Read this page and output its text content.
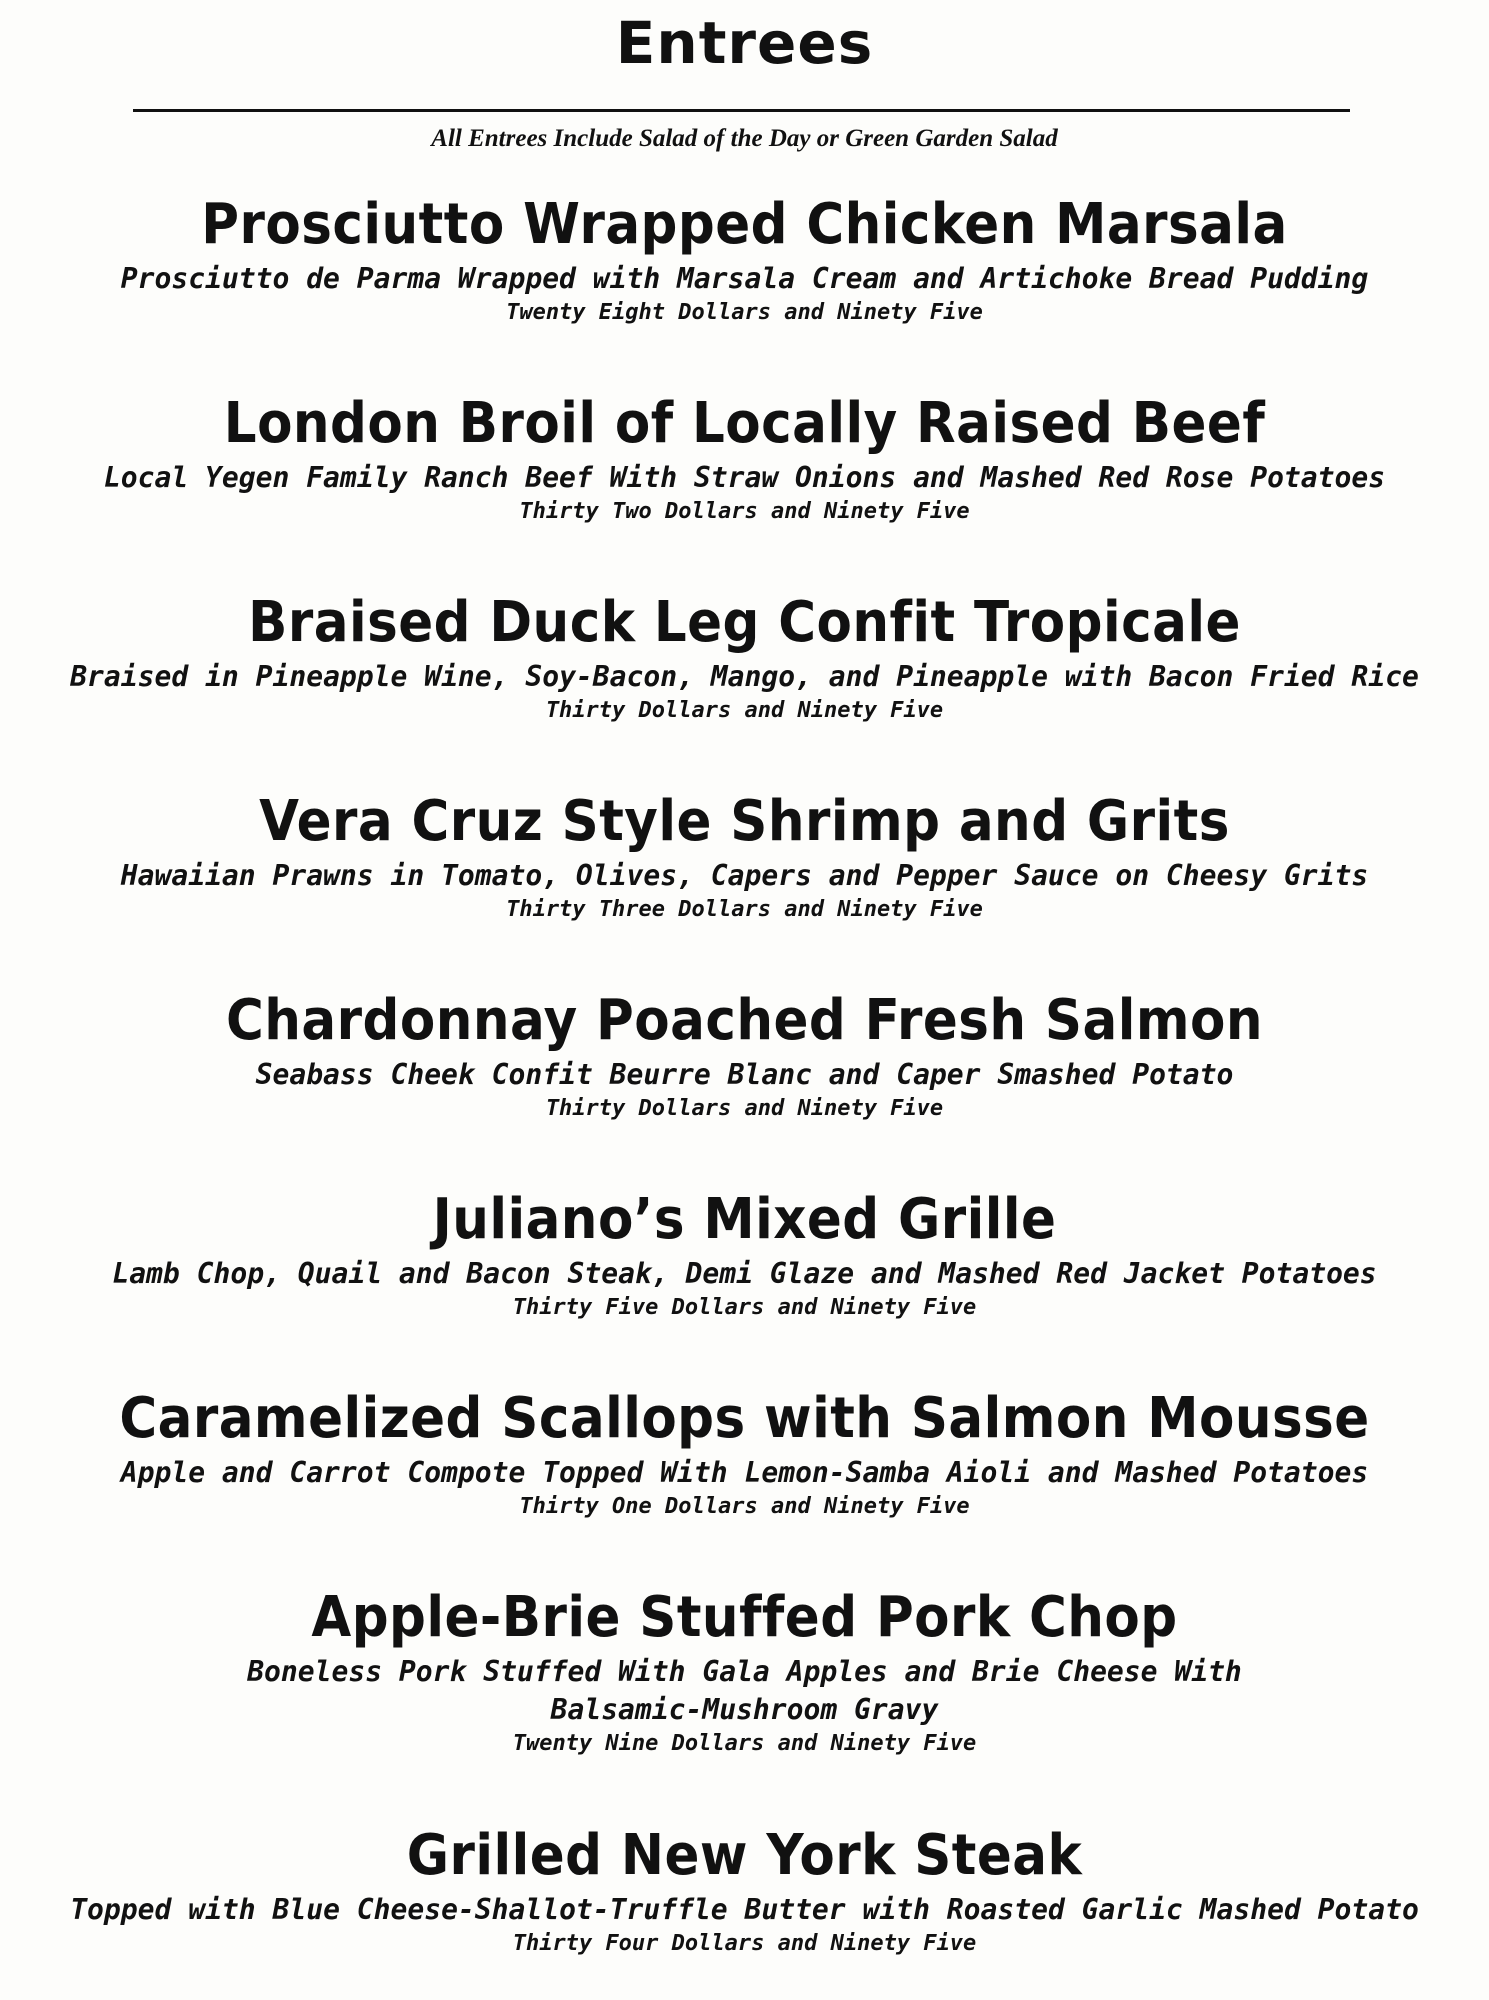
Entrees
All Entrees Include Salad of the Day or Green Garden Salad
Prosciutto Wrapped Chicken Marsala
Prosciutto de Parma Wrapped with Marsala Cream and Artichoke Bread Pudding
Twenty Eight Dollars and Ninety Five
London Broil of Locally Raised Beef
Local Yegen Family Ranch Beef With Straw Onions and Mashed Red Rose Potatoes
Thirty Two Dollars and Ninety Five
Braised Duck Leg Confit Tropicale
Braised in Pineapple Wine, Soy-Bacon, Mango, and Pineapple with Bacon Fried Rice
Thirty Dollars and Ninety Five
Vera Cruz Style Shrimp and Grits
Hawaiian Prawns in Tomato, Olives, Capers and Pepper Sauce on Cheesy Grits
Thirty Three Dollars and Ninety Five
Chardonnay Poached Fresh Salmon
Seabass Cheek Confit Beurre Blanc and Caper Smashed Potato
Thirty Dollars and Ninety Five
Juliano’s Mixed Grille
Lamb Chop, Quail and Bacon Steak, Demi Glaze and Mashed Red Jacket Potatoes
Thirty Five Dollars and Ninety Five
Caramelized Scallops with Salmon Mousse
Apple and Carrot Compote Topped With Lemon-Samba Aioli and Mashed Potatoes
Thirty One Dollars and Ninety Five
Apple-Brie Stuffed Pork Chop
Boneless Pork Stuffed With Gala Apples and Brie Cheese With Balsamic-Mushroom Gravy
Twenty Nine Dollars and Ninety Five
Grilled New York Steak
Topped with Blue Cheese-Shallot-Truffle Butter with Roasted Garlic Mashed Potato
Thirty Four Dollars and Ninety Five
